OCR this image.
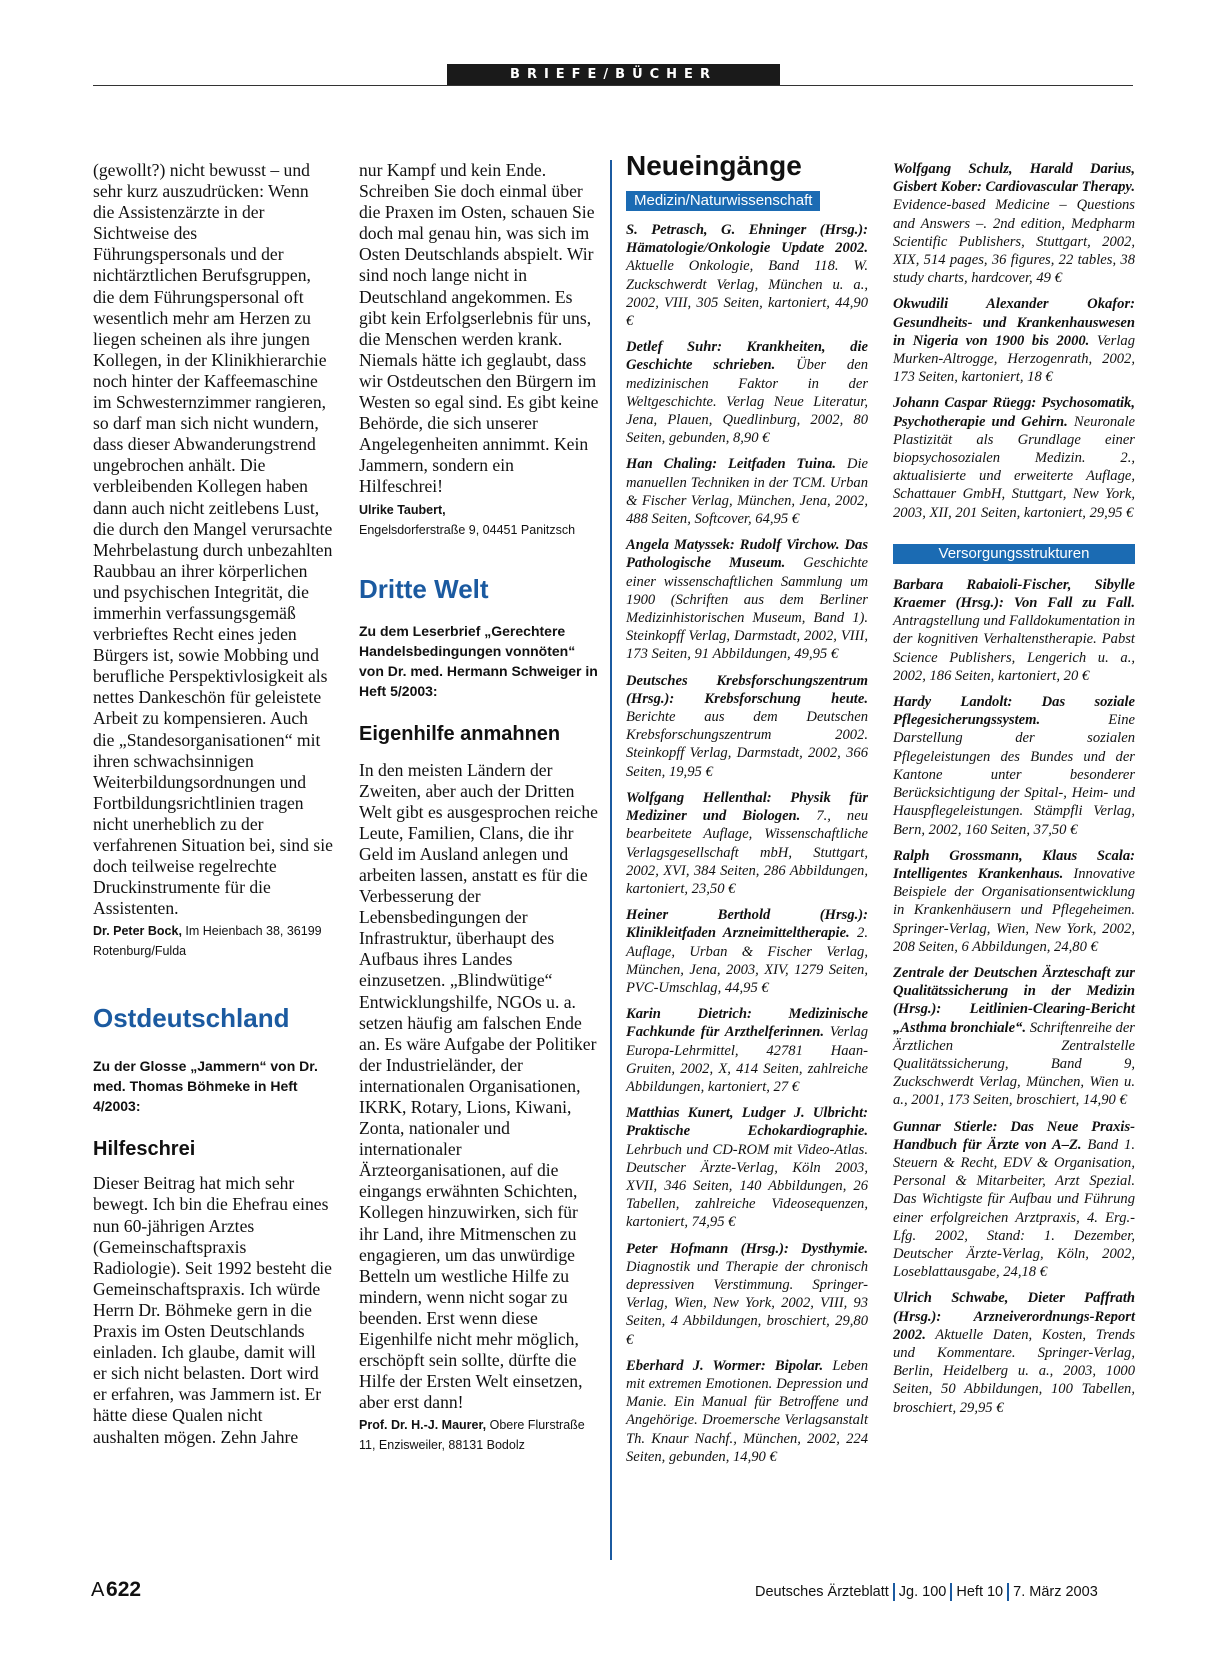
BRIEFE/BÜCHER

(gewollt?) nicht bewusst – und sehr kurz auszudrücken: Wenn die Assistenzärzte in der Sichtweise des Führungspersonals und der nichtärztlichen Berufsgruppen, die dem Führungspersonal oft wesentlich mehr am Herzen zu liegen scheinen als ihre jungen Kollegen, in der Klinikhierarchie noch hinter der Kaffeemaschine im Schwesternzimmer rangieren, so darf man sich nicht wundern, dass dieser Abwanderungstrend ungebrochen anhält. Die verbleibenden Kollegen haben dann auch nicht zeitlebens Lust, die durch den Mangel verursachte Mehrbelastung durch unbezahlten Raubbau an ihrer körperlichen und psychischen Integrität, die immerhin verfassungsgemäß verbrieftes Recht eines jeden Bürgers ist, sowie Mobbing und berufliche Perspektivlosigkeit als nettes Dankeschön für geleistete Arbeit zu kompensieren. Auch die „Standesorganisationen“ mit ihren schwachsinnigen Weiterbildungsordnungen und Fortbildungsrichtlinien tragen nicht unerheblich zu der verfahrenen Situation bei, sind sie doch teilweise regelrechte Druckinstrumente für die Assistenten.

Dr. Peter Bock, Im Heienbach 38, 36199 Rotenburg/Fulda

Ostdeutschland

Zu der Glosse „Jammern“ von Dr. med. Thomas Böhmeke in Heft 4/2003:

Hilfeschrei

Dieser Beitrag hat mich sehr bewegt. Ich bin die Ehefrau eines nun 60-jährigen Arztes (Gemeinschaftspraxis Radiologie). Seit 1992 besteht die Gemeinschaftspraxis. Ich würde Herrn Dr. Böhmeke gern in die Praxis im Osten Deutschlands einladen. Ich glaube, damit will er sich nicht belasten. Dort wird er erfahren, was Jammern ist. Er hätte diese Qualen nicht aushalten mögen. Zehn Jahre

nur Kampf und kein Ende. Schreiben Sie doch einmal über die Praxen im Osten, schauen Sie doch mal genau hin, was sich im Osten Deutschlands abspielt. Wir sind noch lange nicht in Deutschland angekommen. Es gibt kein Erfolgserlebnis für uns, die Menschen werden krank. Niemals hätte ich geglaubt, dass wir Ostdeutschen den Bürgern im Westen so egal sind. Es gibt keine Behörde, die sich unserer Angelegenheiten annimmt. Kein Jammern, sondern ein Hilfeschrei!

Ulrike Taubert,
Engelsdorferstraße 9, 04451 Panitzsch

Dritte Welt

Zu dem Leserbrief „Gerechtere Handelsbedingungen vonnöten“ von Dr. med. Hermann Schweiger in Heft 5/2003:

Eigenhilfe anmahnen

In den meisten Ländern der Zweiten, aber auch der Dritten Welt gibt es ausgesprochen reiche Leute, Familien, Clans, die ihr Geld im Ausland anlegen und arbeiten lassen, anstatt es für die Verbesserung der Lebensbedingungen der Infrastruktur, überhaupt des Aufbaus ihres Landes einzusetzen. „Blindwütige“ Entwicklungshilfe, NGOs u. a. setzen häufig am falschen Ende an. Es wäre Aufgabe der Politiker der Industrieländer, der internationalen Organisationen, IKRK, Rotary, Lions, Kiwani, Zonta, nationaler und internationaler Ärzteorganisationen, auf die eingangs erwähnten Schichten, Kollegen hinzuwirken, sich für ihr Land, ihre Mitmenschen zu engagieren, um das unwürdige Betteln um westliche Hilfe zu mindern, wenn nicht sogar zu beenden. Erst wenn diese Eigenhilfe nicht mehr möglich, erschöpft sein sollte, dürfte die Hilfe der Ersten Welt einsetzen, aber erst dann!

Prof. Dr. H.-J. Maurer, Obere Flurstraße 11, Enzisweiler, 88131 Bodolz

Neueingänge

Medizin/Naturwissenschaft

S. Petrasch, G. Ehninger (Hrsg.): Hämatologie/Onkologie Update 2002. Aktuelle Onkologie, Band 118. W. Zuckschwerdt Verlag, München u. a., 2002, VIII, 305 Seiten, kartoniert, 44,90 €

Detlef Suhr: Krankheiten, die Geschichte schrieben. Über den medizinischen Faktor in der Weltgeschichte. Verlag Neue Literatur, Jena, Plauen, Quedlinburg, 2002, 80 Seiten, gebunden, 8,90 €

Han Chaling: Leitfaden Tuina. Die manuellen Techniken in der TCM. Urban & Fischer Verlag, München, Jena, 2002, 488 Seiten, Softcover, 64,95 €

Angela Matyssek: Rudolf Virchow. Das Pathologische Museum. Geschichte einer wissenschaftlichen Sammlung um 1900 (Schriften aus dem Berliner Medizinhistorischen Museum, Band 1). Steinkopff Verlag, Darmstadt, 2002, VIII, 173 Seiten, 91 Abbildungen, 49,95 €

Deutsches Krebsforschungszentrum (Hrsg.): Krebsforschung heute. Berichte aus dem Deutschen Krebsforschungszentrum 2002. Steinkopff Verlag, Darmstadt, 2002, 366 Seiten, 19,95 €

Wolfgang Hellenthal: Physik für Mediziner und Biologen. 7., neu bearbeitete Auflage, Wissenschaftliche Verlagsgesellschaft mbH, Stuttgart, 2002, XVI, 384 Seiten, 286 Abbildungen, kartoniert, 23,50 €

Heiner Berthold (Hrsg.): Klinikleitfaden Arzneimitteltherapie. 2. Auflage, Urban & Fischer Verlag, München, Jena, 2003, XIV, 1279 Seiten, PVC-Umschlag, 44,95 €

Karin Dietrich: Medizinische Fachkunde für Arzthelferinnen. Verlag Europa-Lehrmittel, 42781 Haan-Gruiten, 2002, X, 414 Seiten, zahlreiche Abbildungen, kartoniert, 27 €

Matthias Kunert, Ludger J. Ulbricht: Praktische Echokardiographie. Lehrbuch und CD-ROM mit Video-Atlas. Deutscher Ärzte-Verlag, Köln 2003, XVII, 346 Seiten, 140 Abbildungen, 26 Tabellen, zahlreiche Videosequenzen, kartoniert, 74,95 €

Peter Hofmann (Hrsg.): Dysthymie. Diagnostik und Therapie der chronisch depressiven Verstimmung. Springer-Verlag, Wien, New York, 2002, VIII, 93 Seiten, 4 Abbildungen, broschiert, 29,80 €

Eberhard J. Wormer: Bipolar. Leben mit extremen Emotionen. Depression und Manie. Ein Manual für Betroffene und Angehörige. Droemersche Verlagsanstalt Th. Knaur Nachf., München, 2002, 224 Seiten, gebunden, 14,90 €

Wolfgang Schulz, Harald Darius, Gisbert Kober: Cardiovascular Therapy. Evidence-based Medicine – Questions and Answers –. 2nd edition, Medpharm Scientific Publishers, Stuttgart, 2002, XIX, 514 pages, 36 figures, 22 tables, 38 study charts, hardcover, 49 €

Okwudili Alexander Okafor: Gesundheits- und Krankenhauswesen in Nigeria von 1900 bis 2000. Verlag Murken-Altrogge, Herzogenrath, 2002, 173 Seiten, kartoniert, 18 €

Johann Caspar Rüegg: Psychosomatik, Psychotherapie und Gehirn. Neuronale Plastizität als Grundlage einer biopsychosozialen Medizin. 2., aktualisierte und erweiterte Auflage, Schattauer GmbH, Stuttgart, New York, 2003, XII, 201 Seiten, kartoniert, 29,95 €

Versorgungsstrukturen

Barbara Rabaioli-Fischer, Sibylle Kraemer (Hrsg.): Von Fall zu Fall. Antragstellung und Falldokumentation in der kognitiven Verhaltenstherapie. Pabst Science Publishers, Lengerich u. a., 2002, 186 Seiten, kartoniert, 20 €

Hardy Landolt: Das soziale Pflegesicherungssystem. Eine Darstellung der sozialen Pflegeleistungen des Bundes und der Kantone unter besonderer Berücksichtigung der Spital-, Heim- und Hauspflegeleistungen. Stämpfli Verlag, Bern, 2002, 160 Seiten, 37,50 €

Ralph Grossmann, Klaus Scala: Intelligentes Krankenhaus. Innovative Beispiele der Organisationsentwicklung in Krankenhäusern und Pflegeheimen. Springer-Verlag, Wien, New York, 2002, 208 Seiten, 6 Abbildungen, 24,80 €

Zentrale der Deutschen Ärzteschaft zur Qualitätssicherung in der Medizin (Hrsg.): Leitlinien-Clearing-Bericht „Asthma bronchiale“. Schriftenreihe der Ärztlichen Zentralstelle Qualitätssicherung, Band 9, Zuckschwerdt Verlag, München, Wien u. a., 2001, 173 Seiten, broschiert, 14,90 €

Gunnar Stierle: Das Neue Praxis-Handbuch für Ärzte von A–Z. Band 1. Steuern & Recht, EDV & Organisation, Personal & Mitarbeiter, Arzt Spezial. Das Wichtigste für Aufbau und Führung einer erfolgreichen Arztpraxis, 4. Erg.-Lfg. 2002, Stand: 1. Dezember, Deutscher Ärzte-Verlag, Köln, 2002, Loseblattausgabe, 24,18 €

Ulrich Schwabe, Dieter Paffrath (Hrsg.): Arzneiverordnungs-Report 2002. Aktuelle Daten, Kosten, Trends und Kommentare. Springer-Verlag, Berlin, Heidelberg u. a., 2003, 1000 Seiten, 50 Abbildungen, 100 Tabellen, broschiert, 29,95 €

A 622	Deutsches Ärzteblatt Jg. 100 Heft 10 7. März 2003
